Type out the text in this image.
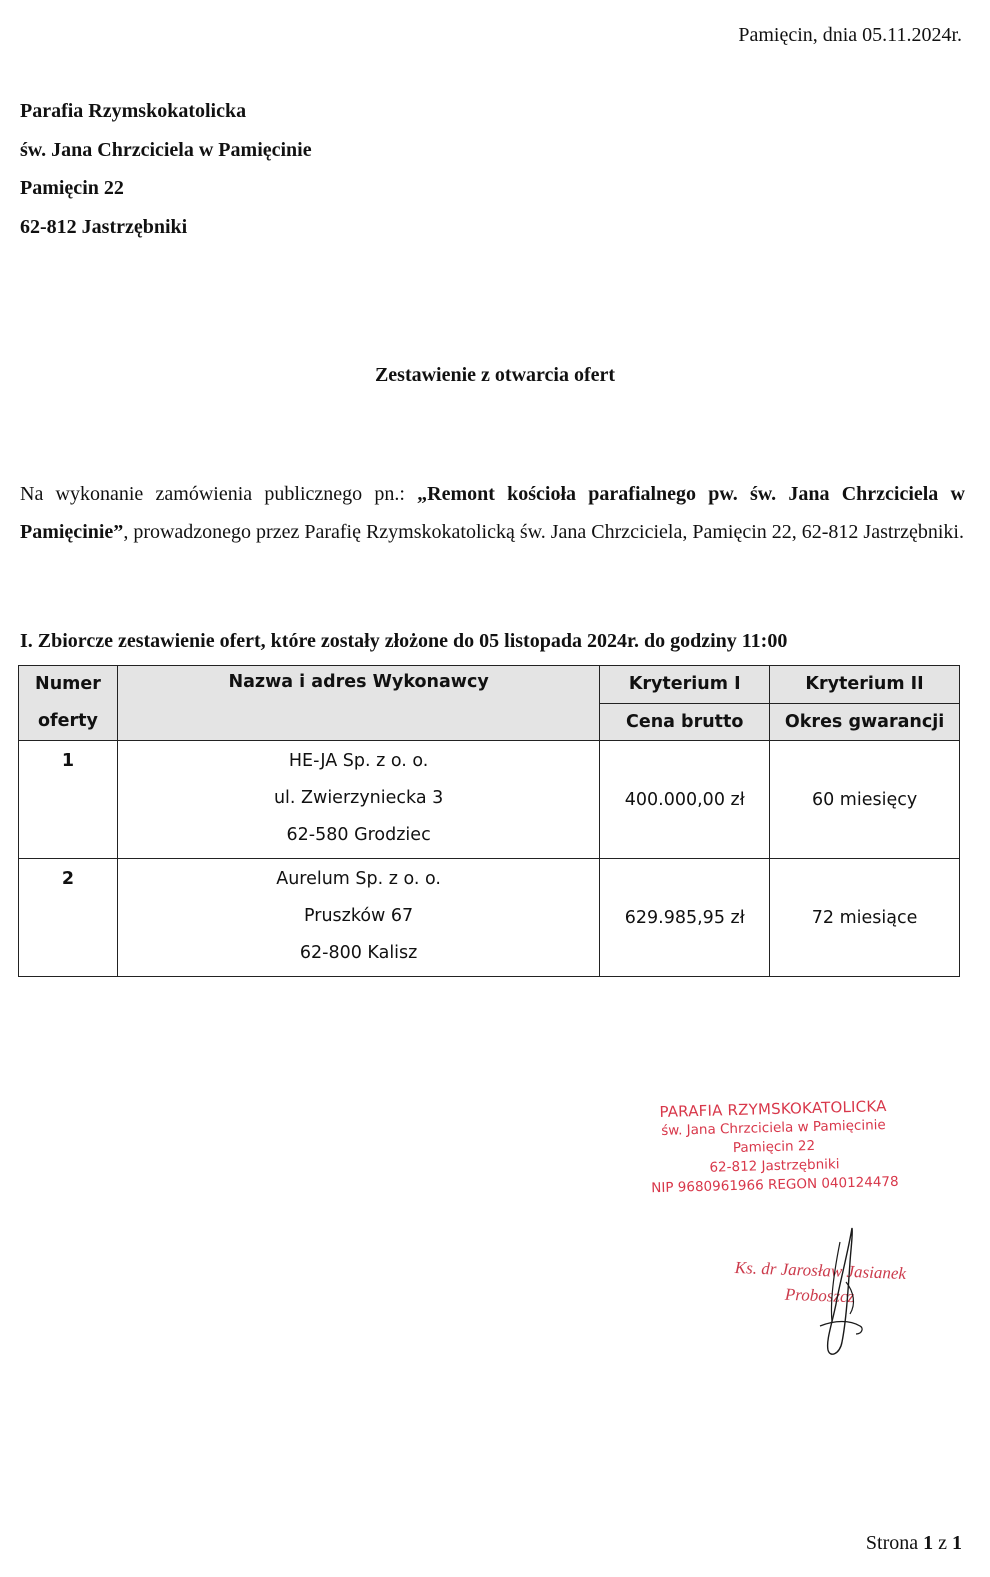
Pamięcin, dnia 05.11.2024r.
Parafia Rzymskokatolicka
św. Jana Chrzciciela w Pamięcinie
Pamięcin 22
62-812 Jastrzębniki
Zestawienie z otwarcia ofert
Na wykonanie zamówienia publicznego pn.: „Remont kościoła parafialnego pw. św. Jana Chrzciciela w Pamięcinie”, prowadzonego przez Parafię Rzymskokatolicką św. Jana Chrzciciela, Pamięcin 22, 62-812 Jastrzębniki.
I. Zbiorcze zestawienie ofert, które zostały złożone do 05 listopada 2024r. do godziny 11:00
Numer
oferty	Nazwa i adres Wykonawcy	Kryterium I	Kryterium II
		Cena brutto	Okres gwarancji
1	HE-JA Sp. z o. o.
ul. Zwierzyniecka 3
62-580 Grodziec	400.000,00 zł	60 miesięcy
2	Aurelum Sp. z o. o.
Pruszków 67
62-800 Kalisz	629.985,95 zł	72 miesiące
PARAFIA RZYMSKOKATOLICKA
św. Jana Chrzciciela w Pamięcinie
Pamięcin 22
62-812 Jastrzębniki
NIP 9680961966 REGON 040124478
Ks. dr Jarosław Jasianek
Proboszcz
Strona 1 z 1
